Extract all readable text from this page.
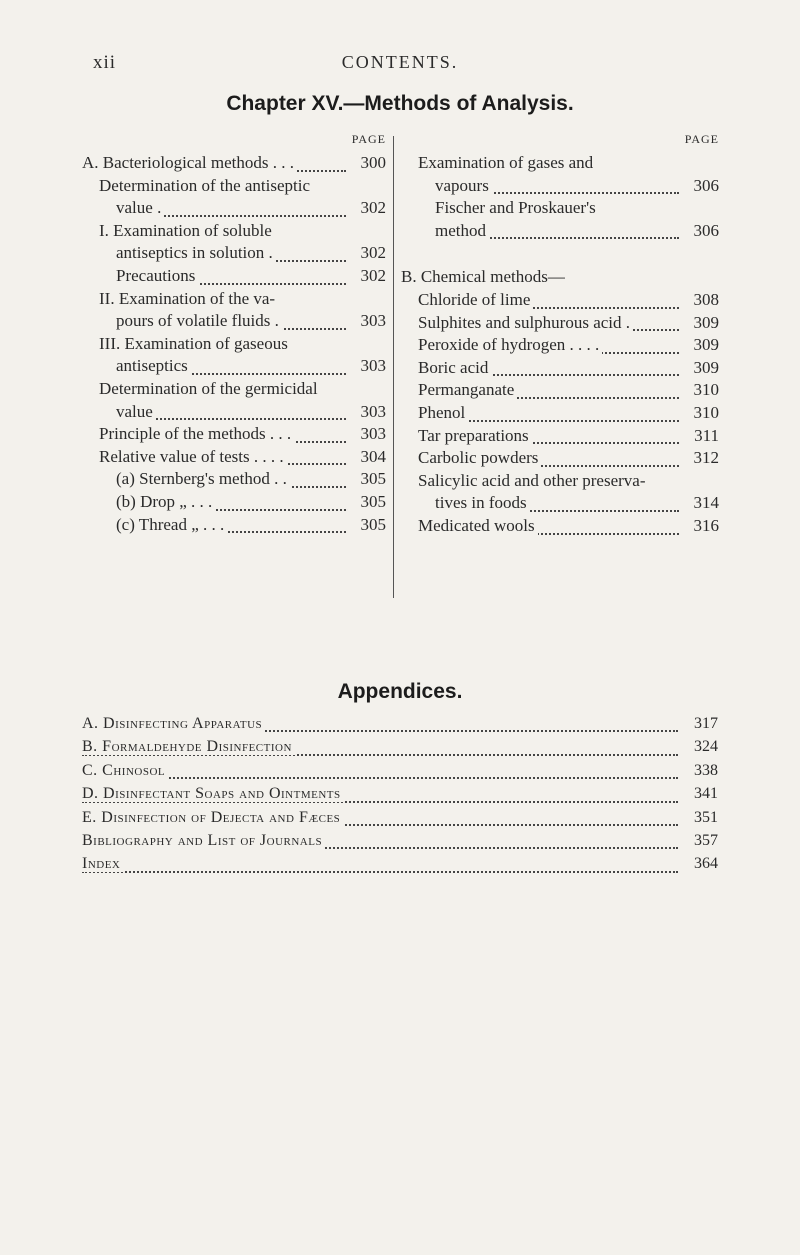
xii	CONTENTS.
Chapter XV.—Methods of Analysis.
PAGE
A. Bacteriological methods . . .	300
Determination of the antiseptic
value .	302
I. Examination of soluble
antiseptics in solution .	302
Precautions	302
II. Examination of the va-
pours of volatile fluids .	303
III. Examination of gaseous
antiseptics	303
Determination of the germicidal
value	303
Principle of the methods . . .	303
Relative value of tests . . . .	304
(a) Sternberg's method . .	305
(b) Drop „ . . .	305
(c) Thread „ . . .	305
PAGE
Examination of gases and
vapours	306
Fischer and Proskauer's
method	306
B. Chemical methods—
Chloride of lime	308
Sulphites and sulphurous acid .	309
Peroxide of hydrogen . . . .	309
Boric acid	309
Permanganate	310
Phenol	310
Tar preparations	311
Carbolic powders	312
Salicylic acid and other preserva-
tives in foods	314
Medicated wools	316
Appendices.
A. Disinfecting Apparatus	317
B. Formaldehyde Disinfection	324
C. Chinosol	338
D. Disinfectant Soaps and Ointments	341
E. Disinfection of Dejecta and Fæces	351
Bibliography and List of Journals	357
Index	364
